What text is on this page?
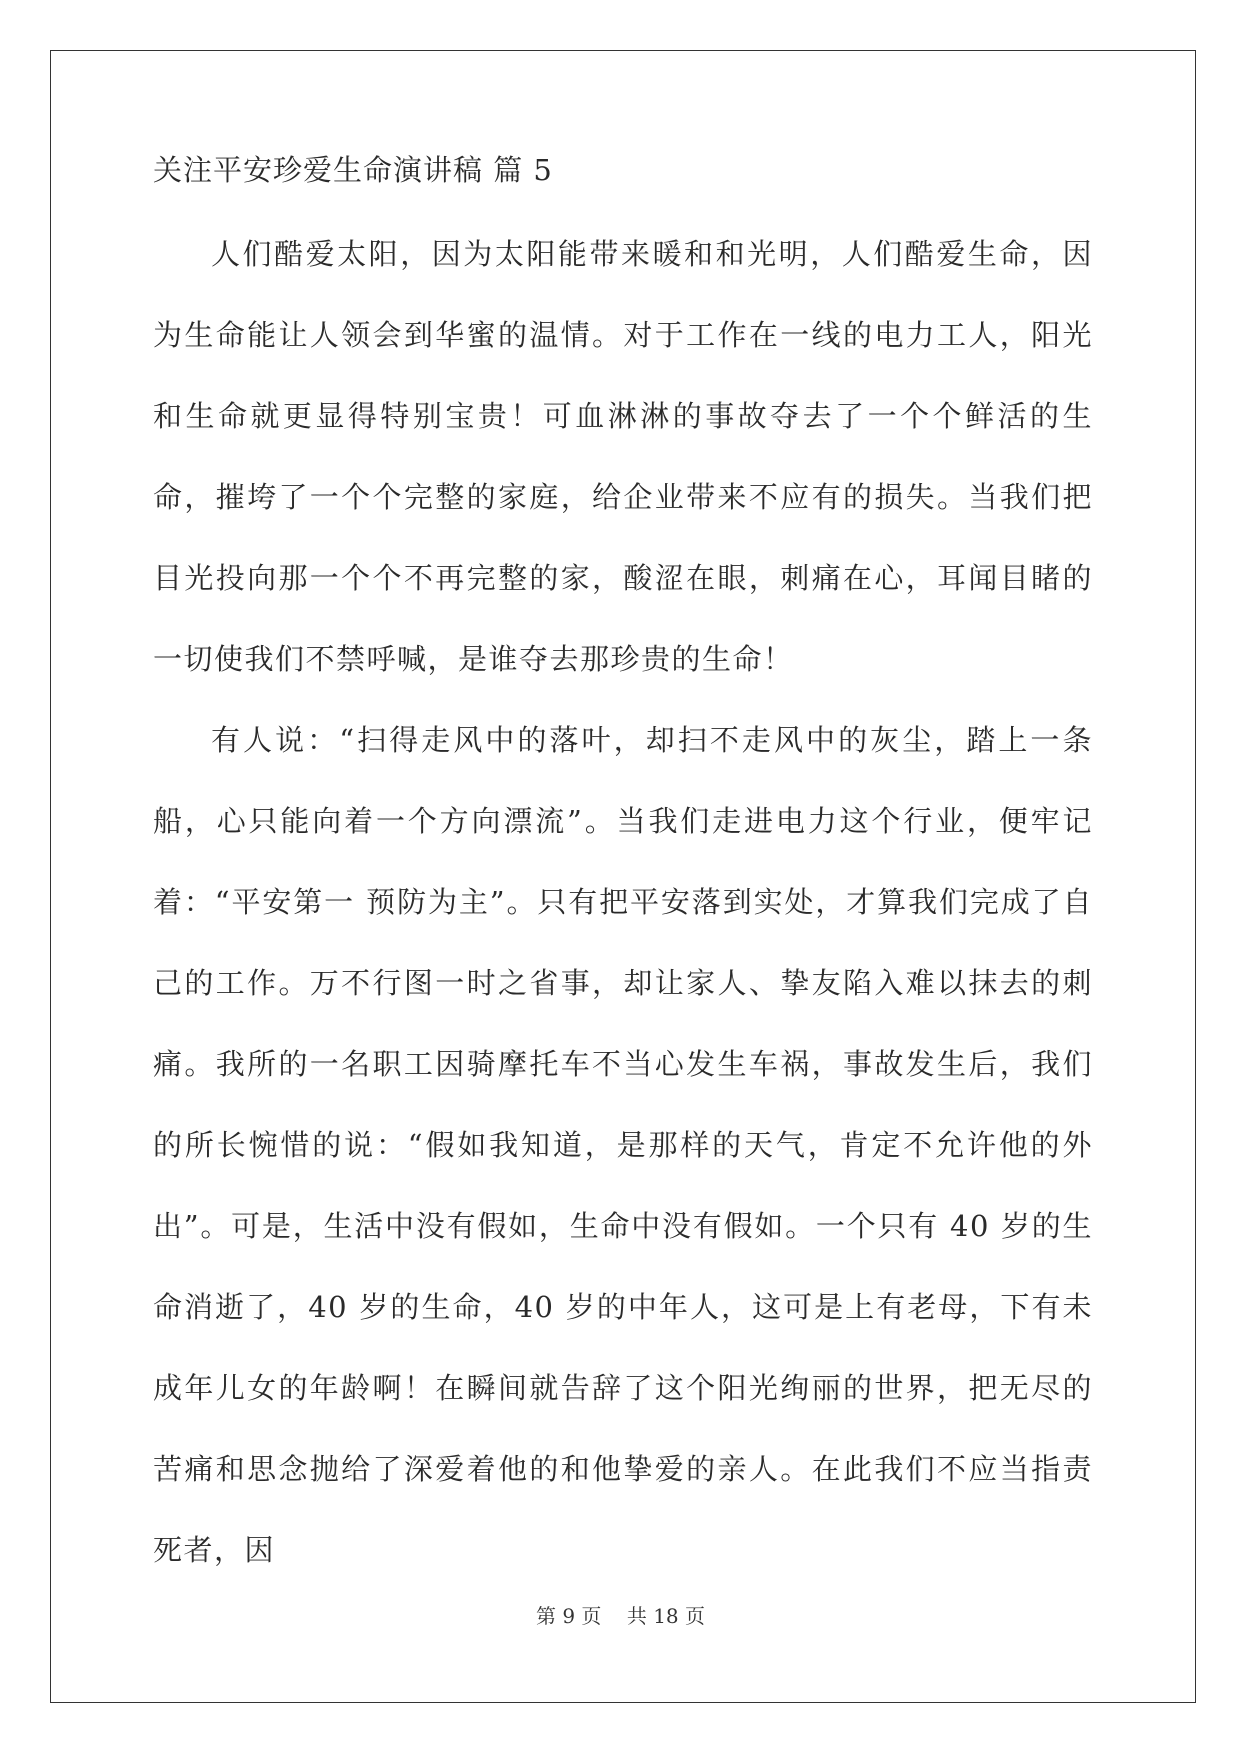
关注平安珍爱生命演讲稿 篇 5

人们酷爱太阳，因为太阳能带来暖和和光明，人们酷爱生命，因为生命能让人领会到华蜜的温情。对于工作在一线的电力工人，阳光和生命就更显得特别宝贵！可血淋淋的事故夺去了一个个鲜活的生命，摧垮了一个个完整的家庭，给企业带来不应有的损失。当我们把目光投向那一个个不再完整的家，酸涩在眼，刺痛在心，耳闻目睹的一切使我们不禁呼喊，是谁夺去那珍贵的生命！

有人说：“扫得走风中的落叶，却扫不走风中的灰尘，踏上一条船，心只能向着一个方向漂流”。当我们走进电力这个行业，便牢记着：“平安第一 预防为主”。只有把平安落到实处，才算我们完成了自己的工作。万不行图一时之省事，却让家人、挚友陷入难以抹去的刺痛。我所的一名职工因骑摩托车不当心发生车祸，事故发生后，我们的所长惋惜的说：“假如我知道，是那样的天气，肯定不允许他的外出”。可是，生活中没有假如，生命中没有假如。一个只有 40 岁的生命消逝了，40 岁的生命，40 岁的中年人，这可是上有老母，下有未成年儿女的年龄啊！在瞬间就告辞了这个阳光绚丽的世界，把无尽的苦痛和思念抛给了深爱着他的和他挚爱的亲人。在此我们不应当指责死者，因

第 9 页    共 18 页
